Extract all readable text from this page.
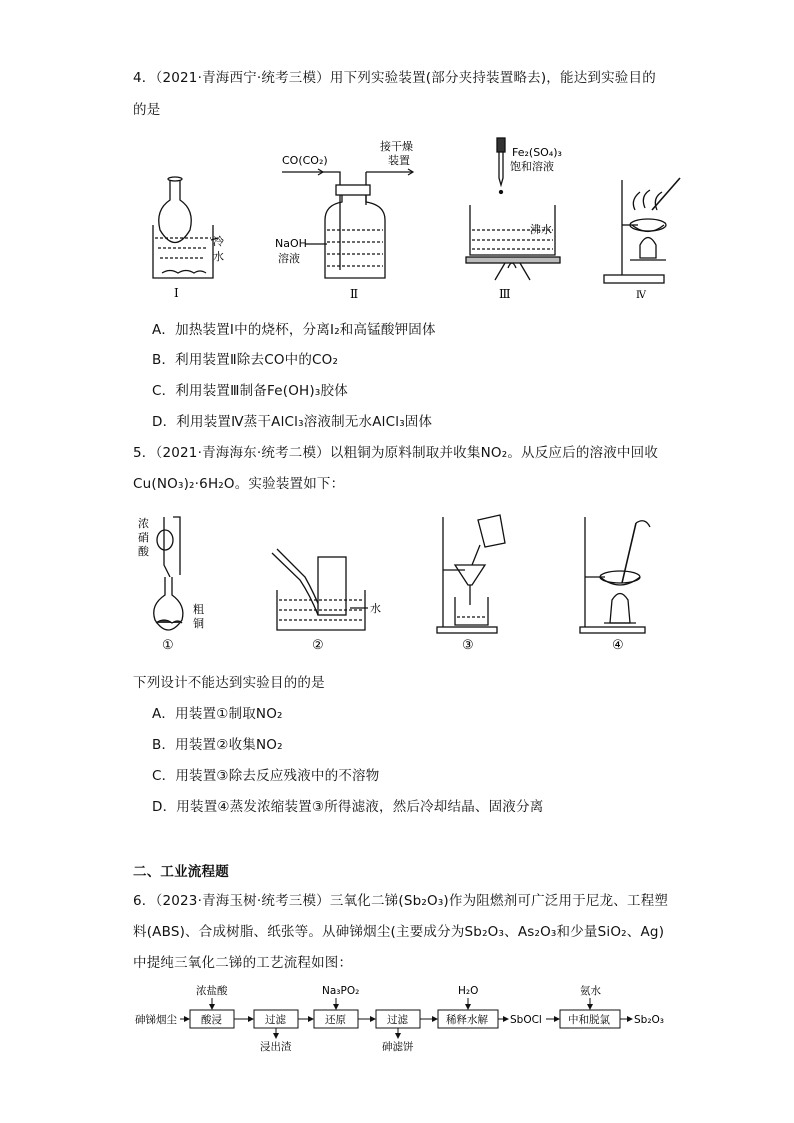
4．（2021·青海西宁·统考三模）用下列实验装置(部分夹持装置略去)，能达到实验目的
的是
冷
水
Ⅰ
CO(CO₂)
接干燥
装置
NaOH
溶液
Ⅱ
Fe₂(SO₄)₃
饱和溶液
沸水
Ⅲ	Ⅳ
A．加热装置Ⅰ中的烧杯，分离I₂和高锰酸钾固体
B．利用装置Ⅱ除去CO中的CO₂
C．利用装置Ⅲ制备Fe(OH)₃胶体
D．利用装置Ⅳ蒸干AlCl₃溶液制无水AlCl₃固体
5．（2021·青海海东·统考二模）以粗铜为原料制取并收集NO₂。从反应后的溶液中回收
Cu(NO₃)₂·6H₂O。实验装置如下：
浓
硝
酸
粗
铜
①
水
②	③	④
下列设计不能达到实验目的的是
A．用装置①制取NO₂
B．用装置②收集NO₂
C．用装置③除去反应残液中的不溶物
D．用装置④蒸发浓缩装置③所得滤液，然后冷却结晶、固液分离
二、工业流程题
6．（2023·青海玉树·统考三模）三氧化二锑(Sb₂O₃)作为阻燃剂可广泛用于尼龙、工程塑
料(ABS)、合成树脂、纸张等。从砷锑烟尘(主要成分为Sb₂O₃、As₂O₃和少量SiO₂、Ag)
中提纯三氧化二锑的工艺流程如图：
砷锑烟尘
浓盐酸
酸浸	过滤
浸出渣
Na₃PO₂
还原	过滤
砷滤饼
H₂O
稀释水解 SbOCl
氨水
中和脱氯 Sb₂O₃
